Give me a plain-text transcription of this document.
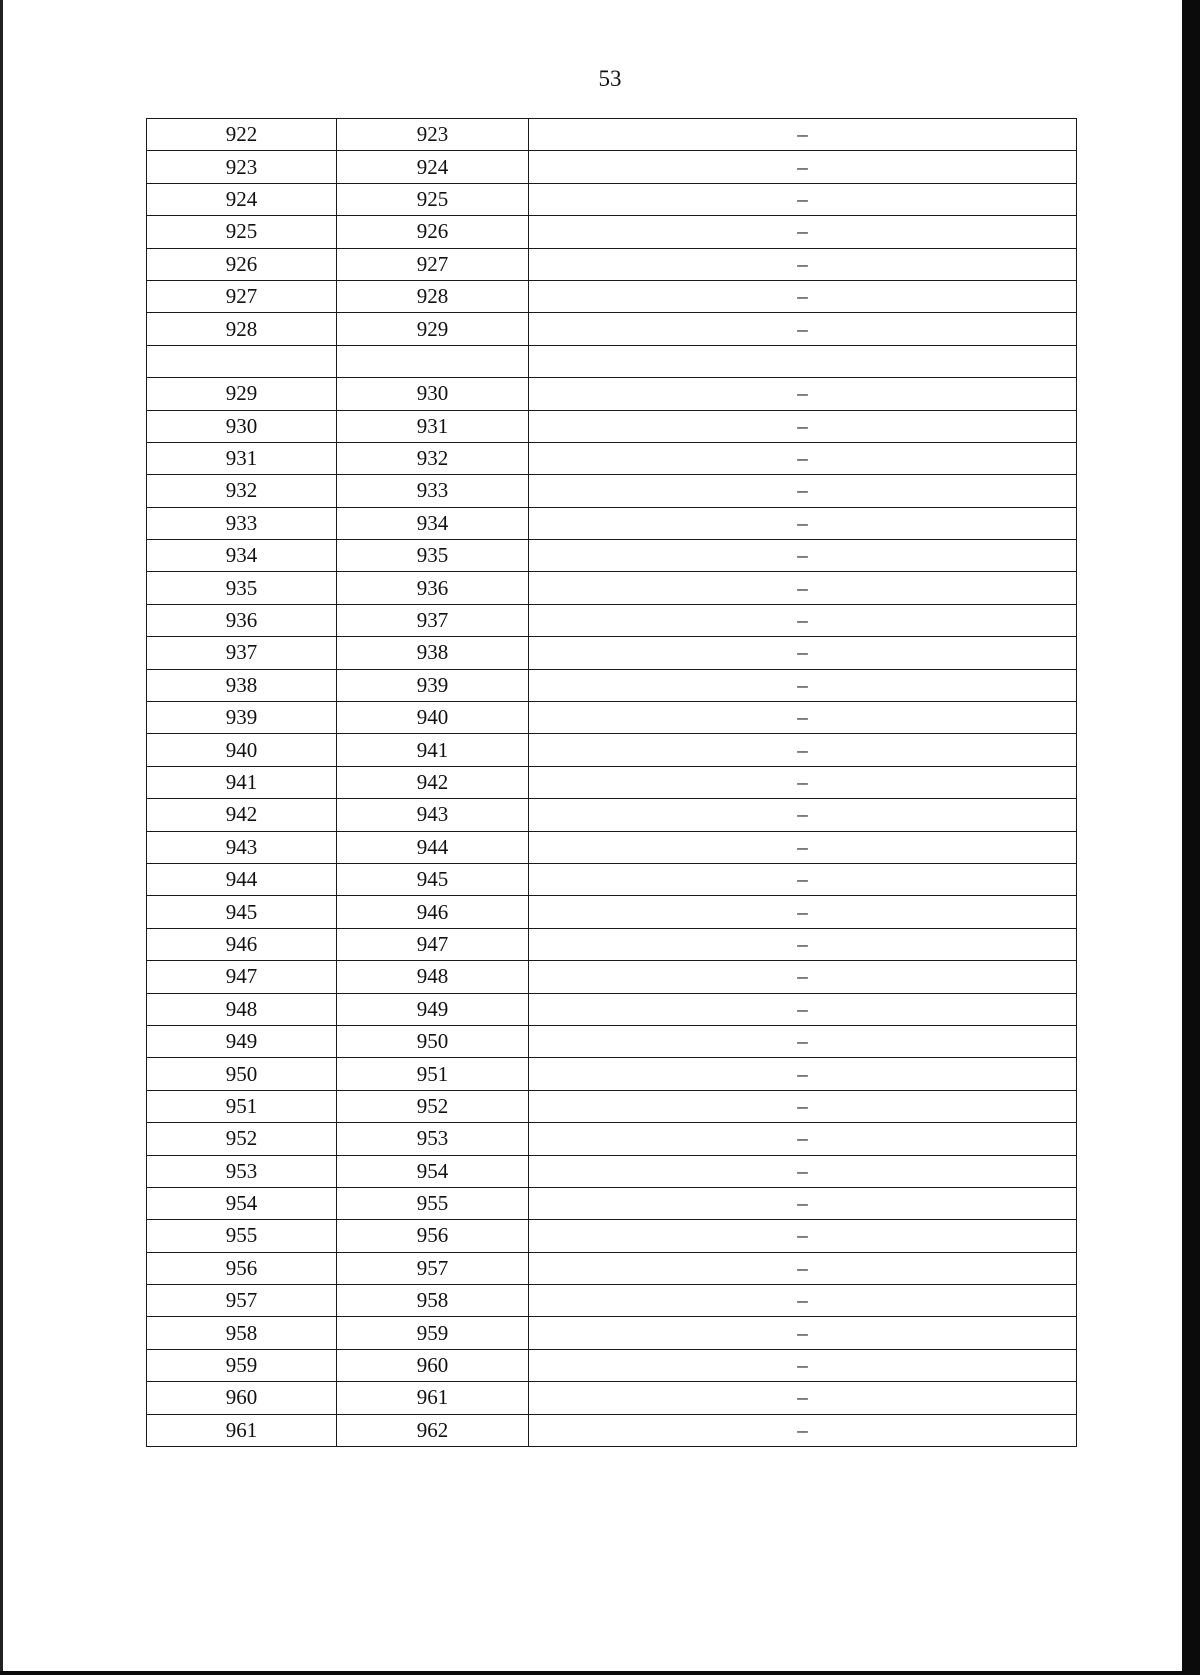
53
922	923	–
923	924	–
924	925	–
925	926	–
926	927	–
927	928	–
928	929	–

929	930	–
930	931	–
931	932	–
932	933	–
933	934	–
934	935	–
935	936	–
936	937	–
937	938	–
938	939	–
939	940	–
940	941	–
941	942	–
942	943	–
943	944	–
944	945	–
945	946	–
946	947	–
947	948	–
948	949	–
949	950	–
950	951	–
951	952	–
952	953	–
953	954	–
954	955	–
955	956	–
956	957	–
957	958	–
958	959	–
959	960	–
960	961	–
961	962	–
